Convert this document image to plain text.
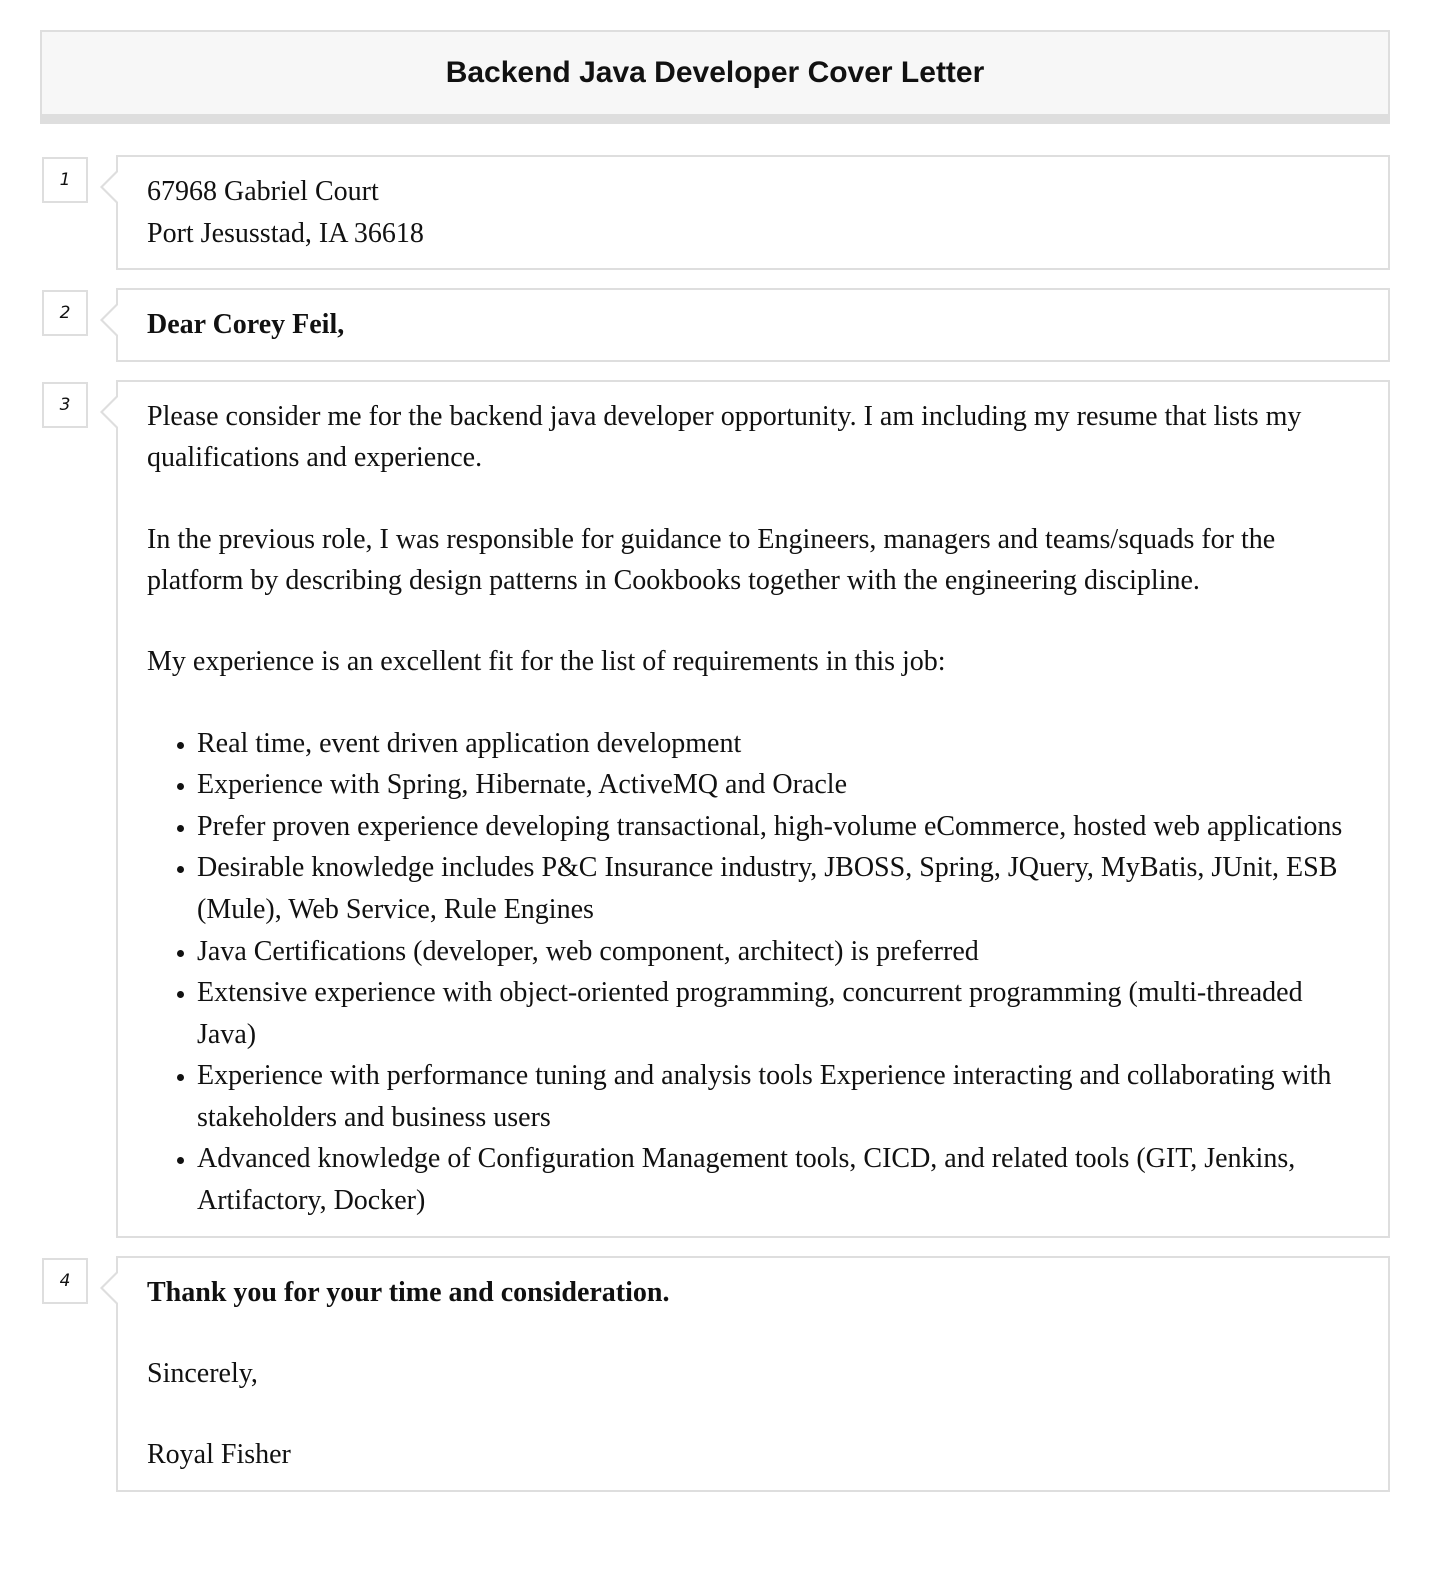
Backend Java Developer Cover Letter
1	67968 Gabriel Court
Port Jesusstad, IA 36618
2	Dear Corey Feil,
3	Please consider me for the backend java developer opportunity. I am including my resume that lists my qualifications and experience.

In the previous role, I was responsible for guidance to Engineers, managers and teams/squads for the platform by describing design patterns in Cookbooks together with the engineering discipline.

My experience is an excellent fit for the list of requirements in this job:

• Real time, event driven application development
• Experience with Spring, Hibernate, ActiveMQ and Oracle
• Prefer proven experience developing transactional, high-volume eCommerce, hosted web applications
• Desirable knowledge includes P&C Insurance industry, JBOSS, Spring, JQuery, MyBatis, JUnit, ESB (Mule), Web Service, Rule Engines
• Java Certifications (developer, web component, architect) is preferred
• Extensive experience with object-oriented programming, concurrent programming (multi-threaded Java)
• Experience with performance tuning and analysis tools Experience interacting and collaborating with stakeholders and business users
• Advanced knowledge of Configuration Management tools, CICD, and related tools (GIT, Jenkins, Artifactory, Docker)
4	Thank you for your time and consideration.

Sincerely,

Royal Fisher
